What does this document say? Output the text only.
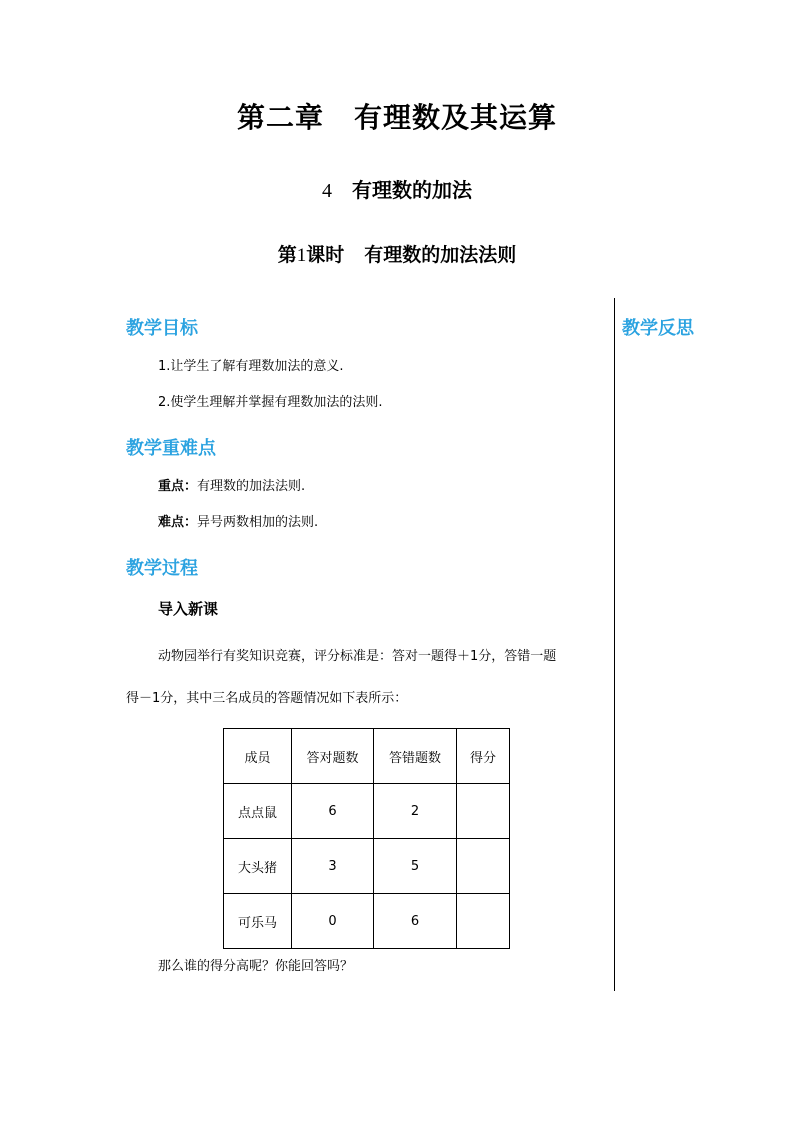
第二章 有理数及其运算
4 有理数的加法
第1课时 有理数的加法法则
教学反思
教学目标
1.让学生了解有理数加法的意义.
2.使学生理解并掌握有理数加法的法则.
教学重难点
重点：有理数的加法法则.
难点：异号两数相加的法则.
教学过程
导入新课
动物园举行有奖知识竞赛，评分标准是：答对一题得＋1分，答错一题
得－1分，其中三名成员的答题情况如下表所示：
成员	答对题数	答错题数	得分
点点鼠	6	2	
大头猪	3	5	
可乐马	0	6	
那么谁的得分高呢？你能回答吗？
